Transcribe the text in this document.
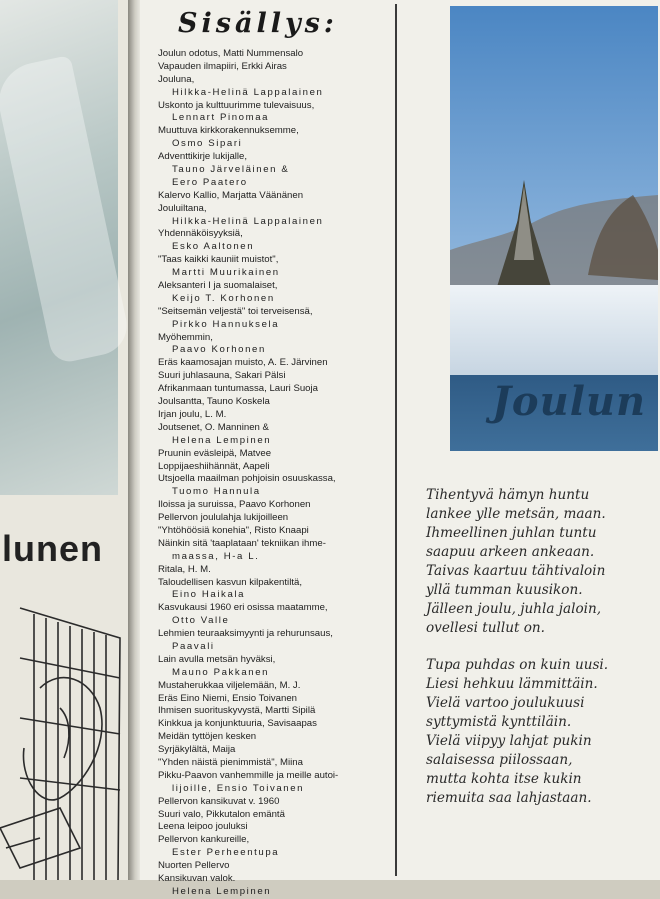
lunen
Sisällys:
Joulun odotus, Matti Nummensalo
Vapauden ilmapiiri, Erkki Airas
Jouluna,
Hilkka-Helinä Lappalainen
Uskonto ja kulttuurimme tulevaisuus,
Lennart Pinomaa
Muuttuva kirkkorakennuksemme,
Osmo Sipari
Adventtikirje lukijalle,
Tauno Järveläinen &
Eero Paatero
Kalervo Kallio, Marjatta Väänänen
Jouluiltana,
Hilkka-Helinä Lappalainen
Yhdennäköisyyksiä,
Esko Aaltonen
"Taas kaikki kauniit muistot",
Martti Muurikainen
Aleksanteri I ja suomalaiset,
Keijo T. Korhonen
"Seitsemän veljestä" toi terveisensä,
Pirkko Hannuksela
Myöhemmin,
Paavo Korhonen
Eräs kaamosajan muisto, A. E. Järvinen
Suuri juhlasauna, Sakari Pälsi
Afrikanmaan tuntumassa, Lauri Suoja
Joulsantta, Tauno Koskela
Irjan joulu, L. M.
Joutsenet, O. Manninen &
Helena Lempinen
Pruunin eväsleipä, Matvee
Loppijaeshiihännät, Aapeli
Utsjoella maailman pohjoisin osuuskassa,
Tuomo Hannula
Iloissa ja suruissa, Paavo Korhonen
Pellervon joululahja lukijoilleen
"Yhtöhöösiä konehia", Risto Knaapi
Näinkin sitä 'taaplataan' tekniikan ihme-
maassa, H-a L.
Ritala, H. M.
Taloudellisen kasvun kilpakentiltä,
Eino Haikala
Kasvukausi 1960 eri osissa maatamme,
Otto Valle
Lehmien teuraaksimyynti ja rehurunsaus,
Paavali
Lain avulla metsän hyväksi,
Mauno Pakkanen
Mustaherukkaa viljelemään, M. J.
Eräs Eino Niemi, Ensio Toivanen
Ihmisen suorituskyvystä, Martti Sipilä
Kinkkua ja konjunktuuria, Savisaapas
Meidän tyttöjen kesken
Syrjäkylältä, Maija
"Yhden näistä pienimmistä", Miina
Pikku-Paavon vanhemmille ja meille autoi-
lijoille, Ensio Toivanen
Pellervon kansikuvat v. 1960
Suuri valo, Pikkutalon emäntä
Leena leipoo jouluksi
Pellervon kankureille,
Ester Perheentupa
Nuorten Pellervo
Kansikuvan valok.
Helena Lempinen
Joulun
Tihentyvä hämyn huntu
lankee ylle metsän, maan.
Ihmeellinen juhlan tuntu
saapuu arkeen ankeaan.
Taivas kaartuu tähtivaloin
yllä tumman kuusikon.
Jälleen joulu, juhla jaloin,
ovellesi tullut on.
Tupa puhdas on kuin uusi.
Liesi hehkuu lämmittäin.
Vielä vartoo joulukuusi
syttymistä kynttiläin.
Vielä viipyy lahjat pukin
salaisessa piilossaan,
mutta kohta itse kukin
riemuita saa lahjastaan.
